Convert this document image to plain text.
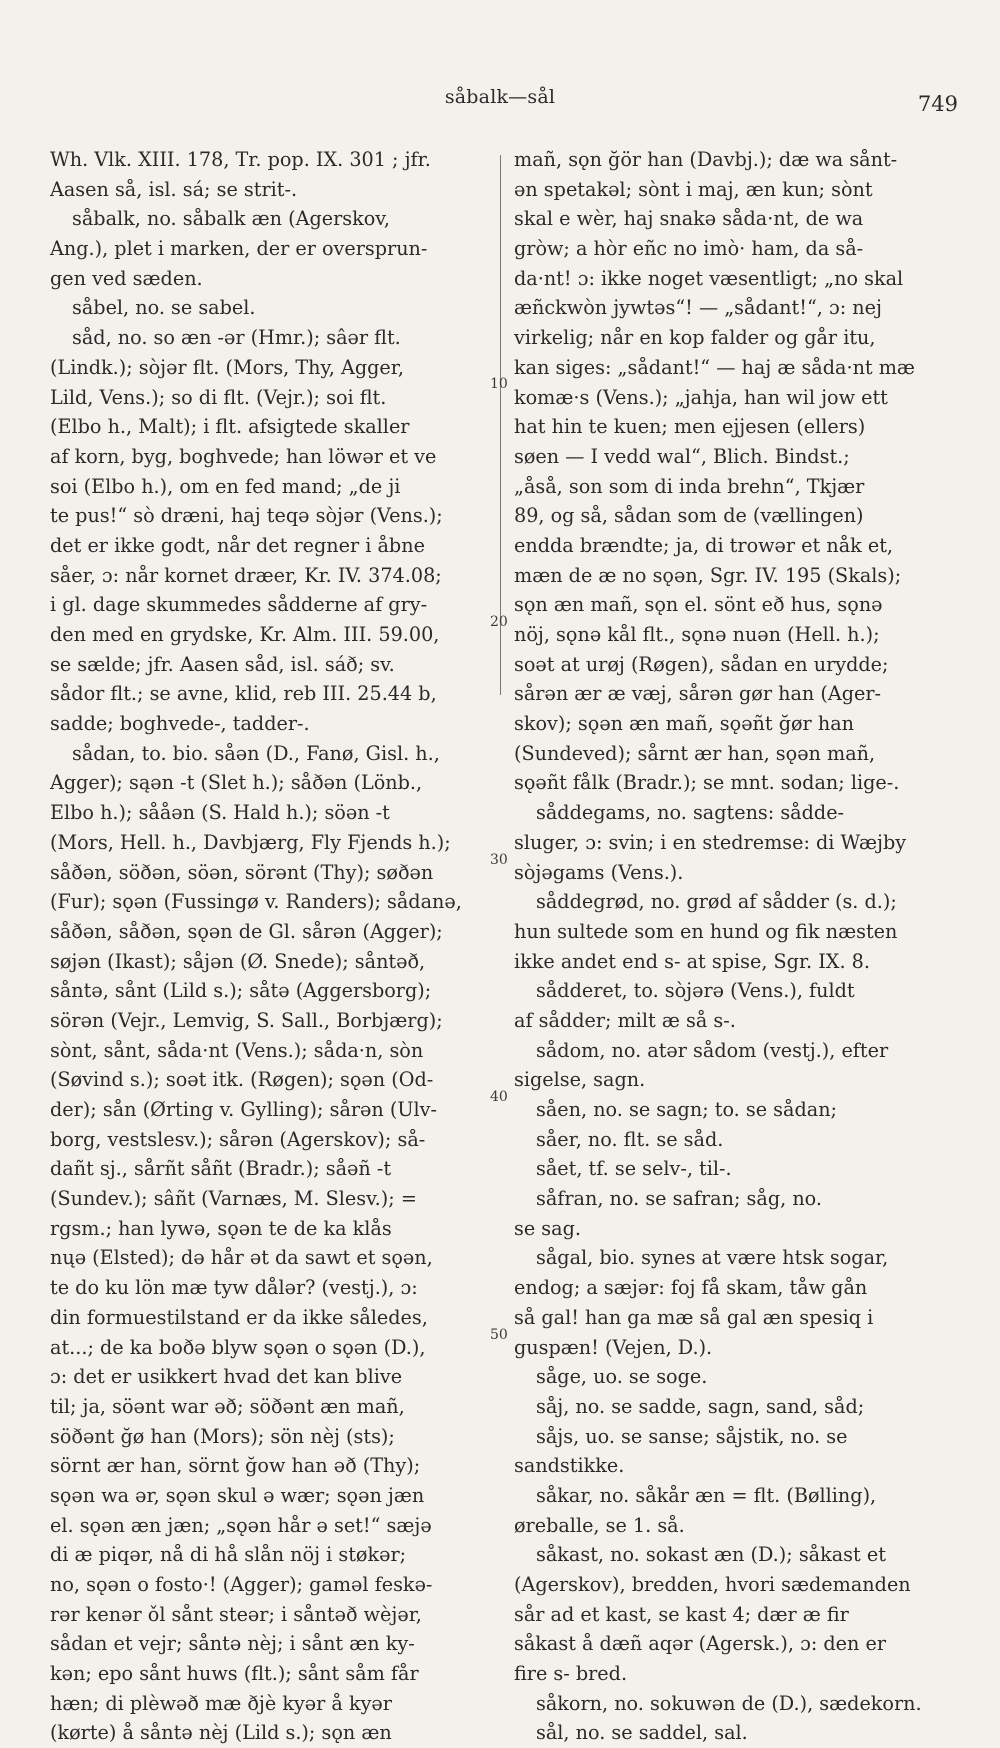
såbalk—sål	749
Wh. Vlk. XIII. 178, Tr. pop. IX. 301 ; jfr.
Aasen så, isl. sá; se strit-.
såbalk, no. såbalk æn (Agerskov,
Ang.), plet i marken, der er oversprun-
gen ved sæden.
såbel, no. se sabel.
såd, no. so æn -ər (Hmr.); sâər flt.
(Lindk.); sòjər flt. (Mors, Thy, Agger,
Lild, Vens.); so di flt. (Vejr.); soi flt.
(Elbo h., Malt); i flt. afsigtede skaller
af korn, byg, boghvede; han löwər et ve
soi (Elbo h.), om en fed mand; „de ji
te pus!“ sò dræni, haj teqə sòjər (Vens.);
det er ikke godt, når det regner i åbne
såer, ɔ: når kornet dræer, Kr. IV. 374.08;
i gl. dage skummedes sådderne af gry-
den med en grydske, Kr. Alm. III. 59.00,
se sælde; jfr. Aasen såd, isl. sáð; sv.
sådor flt.; se avne, klid, reb III. 25.44 b,
sadde; boghvede-, tadder-.
sådan, to. bio. såən (D., Fanø, Gisl. h.,
Agger); sąən -t (Slet h.); såðən (Lönb.,
Elbo h.); sååən (S. Hald h.); söən -t
(Mors, Hell. h., Davbjærg, Fly Fjends h.);
såðən, söðən, söən, sörənt (Thy); søðən
(Fur); sǫən (Fussingø v. Randers); sådanə,
såðən, såðən, sǫən de Gl. sårən (Agger);
søjən (Ikast); såjən (Ø. Snede); såntəð,
såntə, sånt (Lild s.); såtə (Aggersborg);
sörən (Vejr., Lemvig, S. Sall., Borbjærg);
sònt, sånt, såda·nt (Vens.); såda·n, sòn
(Søvind s.); soət itk. (Røgen); sǫən (Od-
der); sån (Ørting v. Gylling); sårən (Ulv-
borg, vestslesv.); sårən (Agerskov); så-
dañt sj., sårñt såñt (Bradr.); såəñ -t
(Sundev.); sâñt (Varnæs, M. Slesv.); =
rgsm.; han lywə, sǫən te de ka klås
nųə (Elsted); də hår ət da sawt et sǫən,
te do ku lön mæ tyw dålər? (vestj.), ɔ:
din formuestilstand er da ikke således,
at...; de ka boðə blyw sǫən o sǫən (D.),
ɔ: det er usikkert hvad det kan blive
til; ja, söənt war əð; söðənt æn mañ,
söðənt ğø han (Mors); sön nèj (sts);
sörnt ær han, sörnt ğow han əð (Thy);
sǫən wa ər, sǫən skul ə wær; sǫən jæn
el. sǫən æn jæn; „sǫən hår ə set!“ sæjə
di æ piqər, nå di hå slån nöj i støkər;
no, sǫən o fosto·! (Agger); gaməl feskə-
rər kenər ǒl sånt steər; i såntəð wèjər,
sådan et vejr; såntə nèj; i sånt æn ky-
kən; epo sånt huws (flt.); sånt såm får
hæn; di plèwəð mæ ðjè kyər å kyər
(kørte) å såntə nèj (Lild s.); sǫn æn
mañ, sǫn ğör han (Davbj.); dæ wa sånt-
ən spetakəl; sònt i maj, æn kun; sònt
skal e wèr, haj snakə såda·nt, de wa
gròw; a hòr eñc no imò· ham, da så-
da·nt! ɔ: ikke noget væsentligt; „no skal
æñckwòn jywtəs“! — „sådant!“, ɔ: nej
virkelig; når en kop falder og går itu,
kan siges: „sådant!“ — haj æ såda·nt mæ
komæ·s (Vens.); „jahja, han wil jow ett
hat hin te kuen; men ejjesen (ellers)
søen — I vedd wal“, Blich. Bindst.;
„åså, son som di inda brehn“, Tkjær
89, og så, sådan som de (vællingen)
endda brændte; ja, di trowər et nåk et,
mæn de æ no sǫən, Sgr. IV. 195 (Skals);
sǫn æn mañ, sǫn el. sönt eð hus, sǫnə
nöj, sǫnə kål flt., sǫnə nuən (Hell. h.);
soət at urøj (Røgen), sådan en urydde;
sårən ær æ væj, sårən gør han (Ager-
skov); sǫən æn mañ, sǫəñt ğør han
(Sundeved); sårnt ær han, sǫən mañ,
sǫəñt fålk (Bradr.); se mnt. sodan; lige-.
såddegams, no. sagtens: sådde-
sluger, ɔ: svin; i en stedremse: di Wæjby
sòjəgams (Vens.).
såddegrød, no. grød af sådder (s. d.);
hun sultede som en hund og fik næsten
ikke andet end s- at spise, Sgr. IX. 8.
sådderet, to. sòjərə (Vens.), fuldt
af sådder; milt æ så s-.
sådom, no. atər sådom (vestj.), efter
sigelse, sagn.
såen, no. se sagn; to. se sådan;
såer, no. flt. se såd.
sået, tf. se selv-, til-.
såfran, no. se safran; såg, no.
se sag.
sågal, bio. synes at være htsk sogar,
endog; a sæjər: foj få skam, tåw gån
så gal! han ga mæ så gal æn spesiq i
guspæn! (Vejen, D.).
såge, uo. se soge.
såj, no. se sadde, sagn, sand, såd;
såjs, uo. se sanse; såjstik, no. se
sandstikke.
såkar, no. såkår æn = flt. (Bølling),
øreballe, se 1. så.
såkast, no. sokast æn (D.); såkast et
(Agerskov), bredden, hvori sædemanden
sår ad et kast, se kast 4; dær æ fir
såkast å dæñ aqər (Agersk.), ɔ: den er
fire s- bred.
såkorn, no. sokuwən de (D.), sædekorn.
sål, no. se saddel, sal.
10
20
30
40
50
